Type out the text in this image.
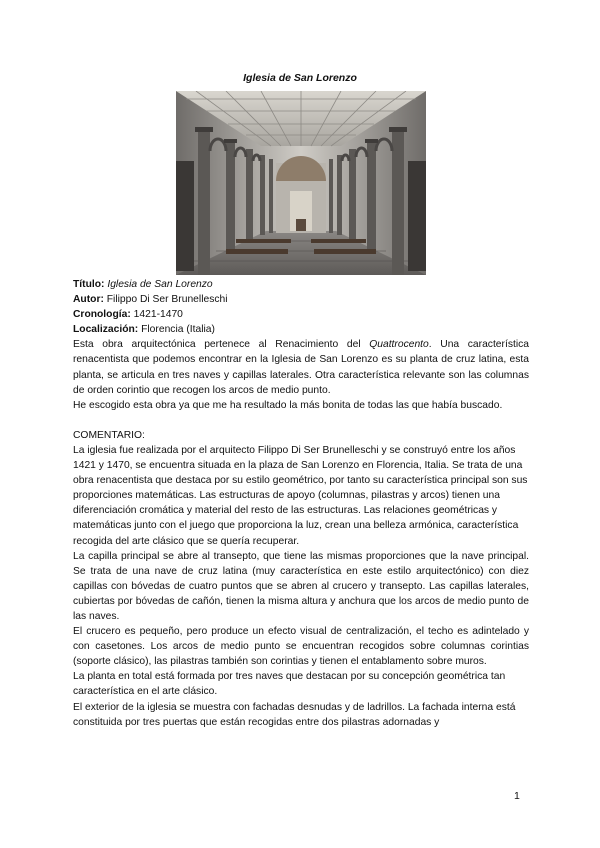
Iglesia de San Lorenzo

Título: Iglesia de San Lorenzo

Autor: Filippo Di Ser Brunelleschi

Cronología: 1421-1470

Localización: Florencia (Italia)

Esta obra arquitectónica pertenece al Renacimiento del Quattrocento. Una característica renacentista que podemos encontrar en la Iglesia de San Lorenzo es su planta de cruz latina, esta planta, se articula en tres naves y capillas laterales. Otra característica relevante son las columnas de orden corintio que recogen los arcos de medio punto.

He escogido esta obra ya que me ha resultado la más bonita de todas las que había buscado.

COMENTARIO:

La iglesia fue realizada por el arquitecto Filippo Di Ser Brunelleschi y se construyó entre los años 1421 y 1470, se encuentra situada en la plaza de San Lorenzo en Florencia, Italia. Se trata de una obra renacentista que destaca por su estilo geométrico, por tanto su característica principal son sus proporciones matemáticas. Las estructuras de apoyo (columnas, pilastras y arcos) tienen una diferenciación cromática y material del resto de las estructuras. Las relaciones geométricas y matemáticas junto con el juego que proporciona la luz, crean una belleza armónica, característica recogida del arte clásico que se quería recuperar.

La capilla principal se abre al transepto, que tiene las mismas proporciones que la nave principal. Se trata de una nave de cruz latina (muy característica en este estilo arquitectónico) con diez capillas con bóvedas de cuatro puntos que se abren al crucero y transepto. Las capillas laterales, cubiertas por bóvedas de cañón, tienen la misma altura y anchura que los arcos de medio punto de las naves.

El crucero es pequeño, pero produce un efecto visual de centralización, el techo es adintelado y con casetones. Los arcos de medio punto se encuentran recogidos sobre columnas corintias (soporte clásico), las pilastras también son corintias y tienen el entablamento sobre muros.

La planta en total está formada por tres naves que destacan por su concepción geométrica tan característica en el arte clásico.

El exterior de la iglesia se muestra con fachadas desnudas y de ladrillos. La fachada interna está constituida por tres puertas que están recogidas entre dos pilastras adornadas y

1
